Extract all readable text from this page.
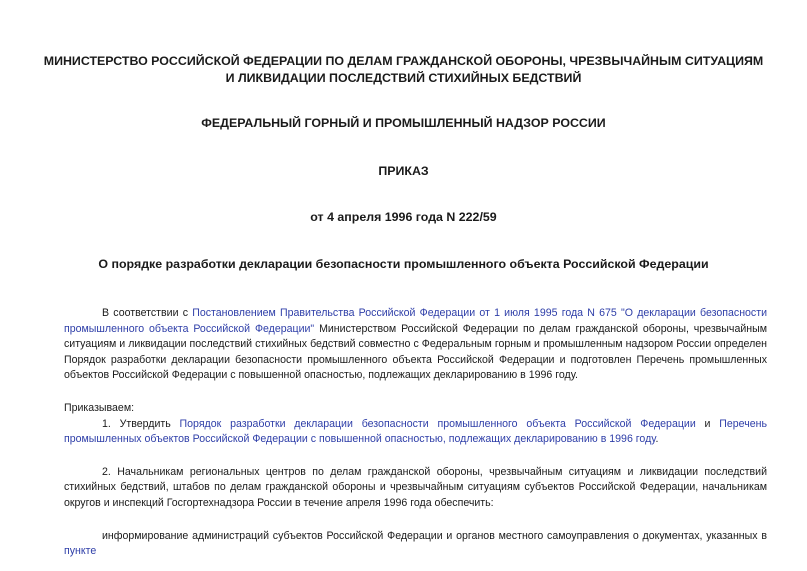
МИНИСТЕРСТВО РОССИЙСКОЙ ФЕДЕРАЦИИ ПО ДЕЛАМ ГРАЖДАНСКОЙ ОБОРОНЫ, ЧРЕЗВЫЧАЙНЫМ СИТУАЦИЯМ И ЛИКВИДАЦИИ ПОСЛЕДСТВИЙ СТИХИЙНЫХ БЕДСТВИЙ

ФЕДЕРАЛЬНЫЙ ГОРНЫЙ И ПРОМЫШЛЕННЫЙ НАДЗОР РОССИИ

ПРИКАЗ

от 4 апреля 1996 года N 222/59

О порядке разработки декларации безопасности промышленного объекта Российской Федерации

В соответствии с Постановлением Правительства Российской Федерации от 1 июля 1995 года N 675 "О декларации безопасности промышленного объекта Российской Федерации" Министерством Российской Федерации по делам гражданской обороны, чрезвычайным ситуациям и ликвидации последствий стихийных бедствий совместно с Федеральным горным и промышленным надзором России определен Порядок разработки декларации безопасности промышленного объекта Российской Федерации и подготовлен Перечень промышленных объектов Российской Федерации с повышенной опасностью, подлежащих декларированию в 1996 году.

Приказываем:

1. Утвердить Порядок разработки декларации безопасности промышленного объекта Российской Федерации и Перечень промышленных объектов Российской Федерации с повышенной опасностью, подлежащих декларированию в 1996 году.

2. Начальникам региональных центров по делам гражданской обороны, чрезвычайным ситуациям и ликвидации последствий стихийных бедствий, штабов по делам гражданской обороны и чрезвычайным ситуациям субъектов Российской Федерации, начальникам округов и инспекций Госгортехнадзора России в течение апреля 1996 года обеспечить:

информирование администраций субъектов Российской Федерации и органов местного самоуправления о документах, указанных в пункте
